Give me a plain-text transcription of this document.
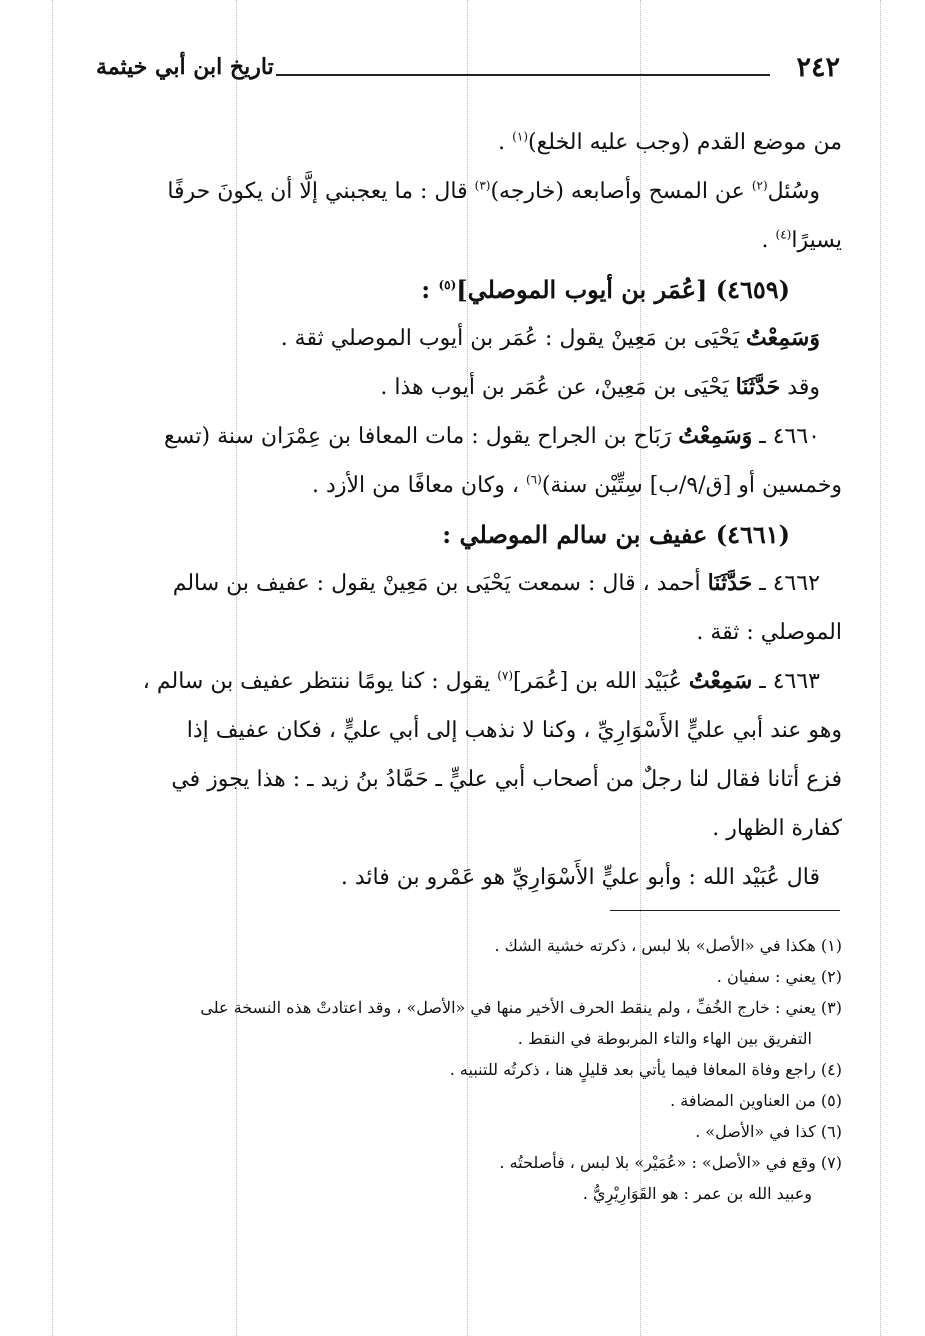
٢٤٢
تاريخ ابن أبي خيثمة

من موضع القدم (وجب عليه الخلع)$^{(١)}$ .

وسُئل$^{(٢)}$ عن المسح وأصابعه (خارجه)$^{(٣)}$ قال : ما يعجبني إلَّا أن يكونَ حرفًا

يسيرًا$^{(٤)}$ .

(٤٦٥٩) [عُمَر بن أيوب الموصلي]$^{(٥)}$ :

وَسَمِعْتُ يَحْيَى بن مَعِينْ يقول : عُمَر بن أيوب الموصلي ثقة .

وقد حَدَّثَنَا يَحْيَى بن مَعِينْ، عن عُمَر بن أيوب هذا .

٤٦٦٠ ـ وَسَمِعْتُ رَبَاح بن الجراح يقول : مات المعافا بن عِمْرَان سنة (تسع

وخمسين أو [ق/٩/ب] سِتِّيْن سنة)$^{(٦)}$ ، وكان معافًا من الأزد .

(٤٦٦١) عفيف بن سالم الموصلي :

٤٦٦٢ ـ حَدَّثَنَا أحمد ، قال : سمعت يَحْيَى بن مَعِينْ يقول : عفيف بن سالم

الموصلي : ثقة .

٤٦٦٣ ـ سَمِعْتُ عُبَيْد الله بن [عُمَر]$^{(٧)}$ يقول : كنا يومًا ننتظر عفيف بن سالم ،

وهو عند أبي عليٍّ الأَسْوَارِيِّ ، وكنا لا نذهب إلى أبي عليٍّ ، فكان عفيف إذا

فزع أتانا فقال لنا رجلٌ من أصحاب أبي عليٍّ ـ حَمَّادُ بنُ زيد ـ : هذا يجوز في

كفارة الظهار .

قال عُبَيْد الله : وأبو عليٍّ الأَسْوَارِيِّ هو عَمْرو بن فائد .

(١) هكذا في «الأصل» بلا لبس ، ذكرته خشية الشك .

(٢) يعني : سفيان .

(٣) يعني : خارج الخُفِّ ، ولم ينقط الحرف الأخير منها في «الأصل» ، وقد اعتادتْ هذه النسخة على

التفريق بين الهاء والتاء المربوطة في النقط .

(٤) راجع وفاة المعافا فيما يأتي بعد قليلٍ هنا ، ذكرتُه للتنبيه .

(٥) من العناوين المضافة .

(٦) كذا في «الأصل» .

(٧) وقع في «الأصل» : «عُمَيْر» بلا لبس ، فأصلحتُه .

وعبيد الله بن عمر : هو القَوَارِيْرِيُّ .
